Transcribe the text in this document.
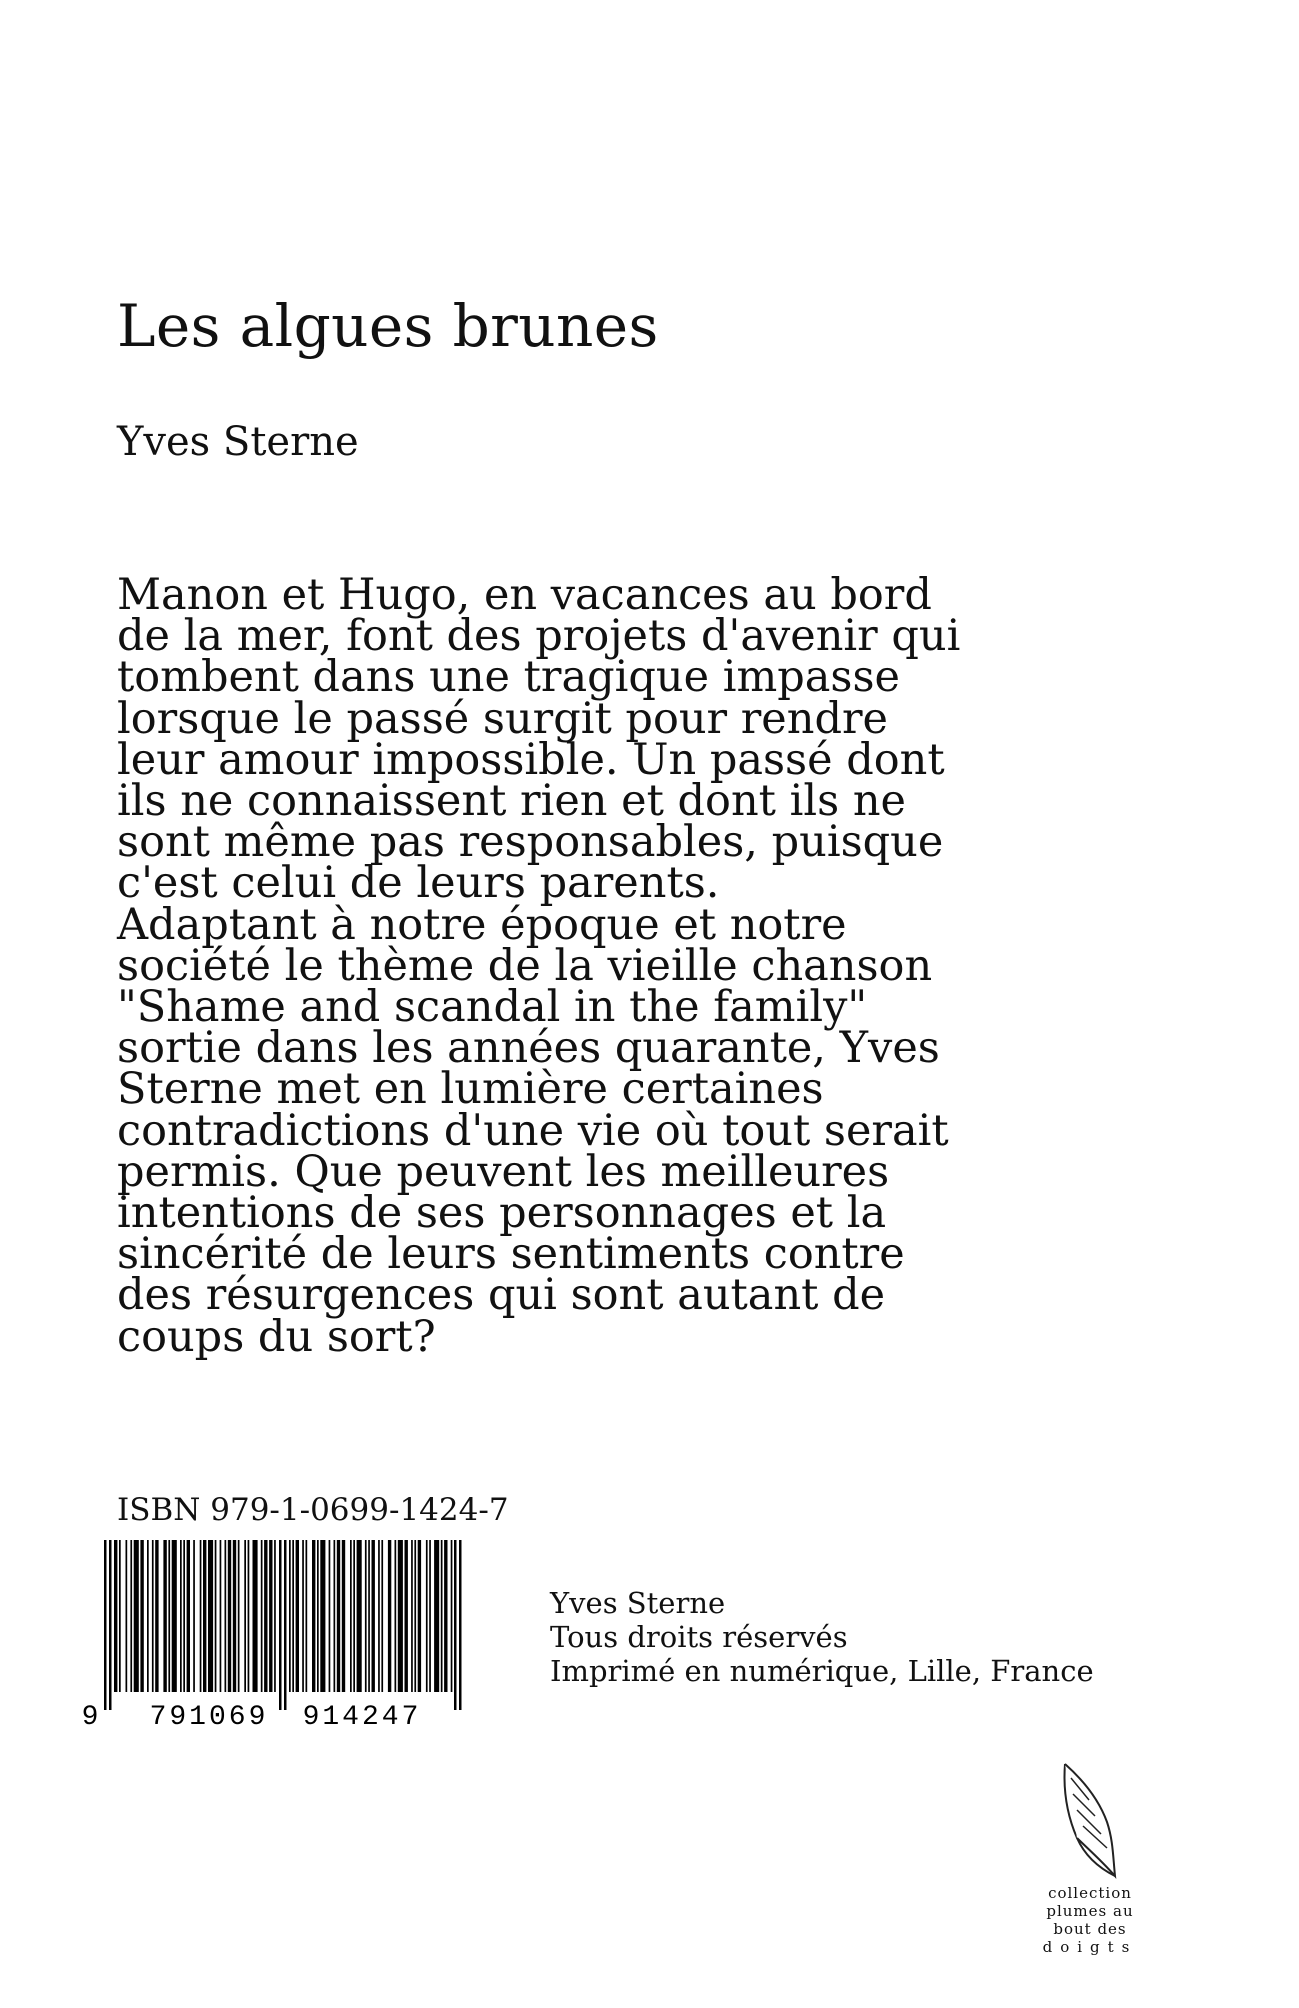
Les algues brunes
Yves Sterne

Manon et Hugo, en vacances au bord de la mer, font des projets d'avenir qui tombent dans une tragique impasse lorsque le passé surgit pour rendre leur amour impossible. Un passé dont ils ne connaissent rien et dont ils ne sont même pas responsables, puisque c'est celui de leurs parents.

Adaptant à notre époque et notre société le thème de la vieille chanson "Shame and scandal in the family" sortie dans les années quarante, Yves Sterne met en lumière certaines contradictions d'une vie où tout serait permis. Que peuvent les meilleures intentions de ses personnages et la sincérité de leurs sentiments contre des résurgences qui sont autant de coups du sort?

ISBN 979-1-0699-1424-7
9 791069 914247
Yves Sterne
Tous droits réservés
Imprimé en numérique, Lille, France
collection
plumes au
bout des
doigts
